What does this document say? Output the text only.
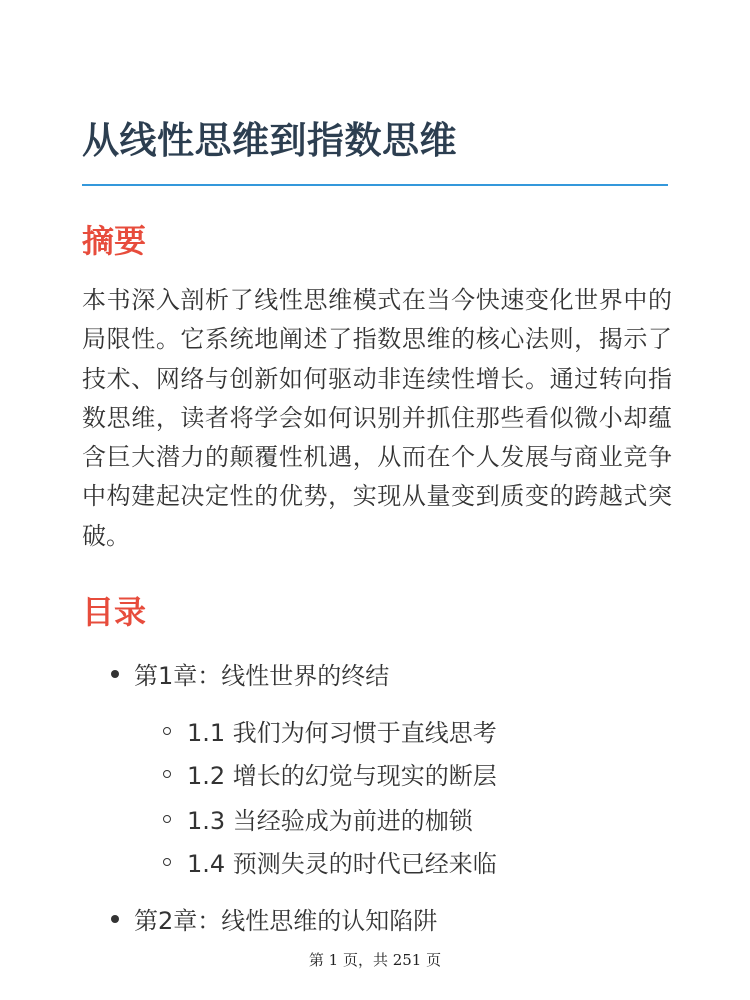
从线性思维到指数思维
摘要

本书深入剖析了线性思维模式在当今快速变化世界中的局限性。它系统地阐述了指数思维的核心法则，揭示了技术、网络与创新如何驱动非连续性增长。通过转向指数思维，读者将学会如何识别并抓住那些看似微小却蕴含巨大潜力的颠覆性机遇，从而在个人发展与商业竞争中构建起决定性的优势，实现从量变到质变的跨越式突破。

目录
第1章：线性世界的终结
1.1 我们为何习惯于直线思考
1.2 增长的幻觉与现实的断层
1.3 当经验成为前进的枷锁
1.4 预测失灵的时代已经来临
第2章：线性思维的认知陷阱
第 1 页，共 251 页
